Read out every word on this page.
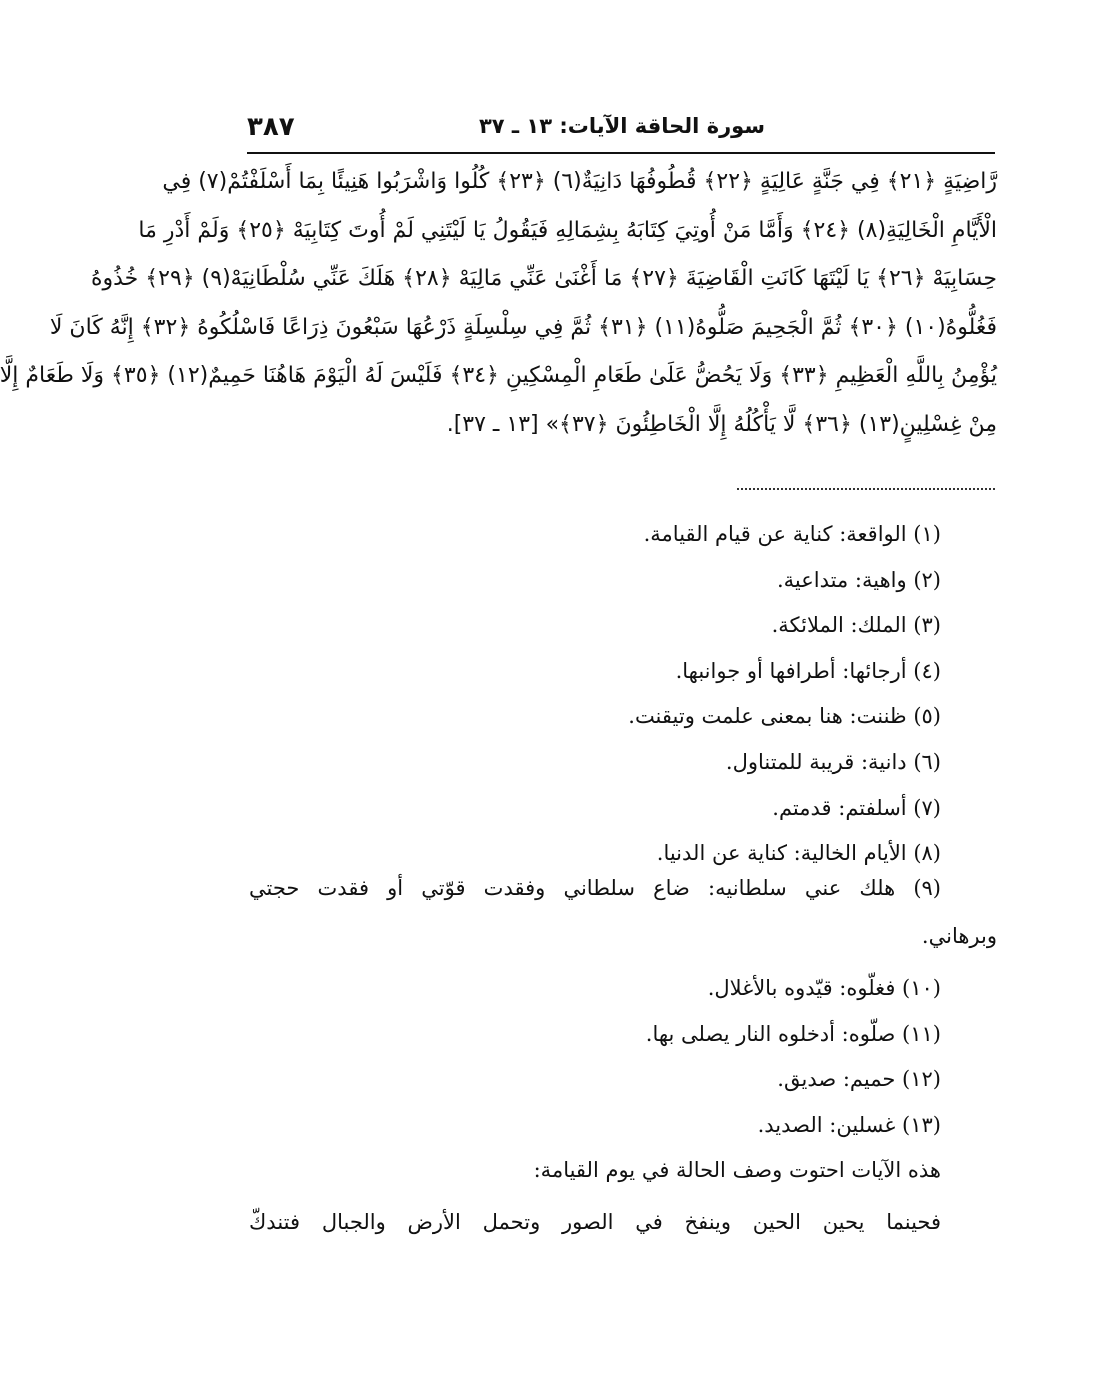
٣٨٧	سورة الحاقة الآيات: ١٣ ـ ٣٧
رَّاضِيَةٍ ﴿٢١﴾ فِي جَنَّةٍ عَالِيَةٍ ﴿٢٢﴾ قُطُوفُهَا دَانِيَةٌ(٦) ﴿٢٣﴾ كُلُوا وَاشْرَبُوا هَنِيئًا بِمَا أَسْلَفْتُمْ(٧) فِي
الْأَيَّامِ الْخَالِيَةِ(٨) ﴿٢٤﴾ وَأَمَّا مَنْ أُوتِيَ كِتَابَهُ بِشِمَالِهِ فَيَقُولُ يَا لَيْتَنِي لَمْ أُوتَ كِتَابِيَهْ ﴿٢٥﴾ وَلَمْ أَدْرِ مَا
حِسَابِيَهْ ﴿٢٦﴾ يَا لَيْتَهَا كَانَتِ الْقَاضِيَةَ ﴿٢٧﴾ مَا أَغْنَىٰ عَنِّي مَالِيَهْ ﴿٢٨﴾ هَلَكَ عَنِّي سُلْطَانِيَهْ(٩) ﴿٢٩﴾ خُذُوهُ
فَغُلُّوهُ(١٠) ﴿٣٠﴾ ثُمَّ الْجَحِيمَ صَلُّوهُ(١١) ﴿٣١﴾ ثُمَّ فِي سِلْسِلَةٍ ذَرْعُهَا سَبْعُونَ ذِرَاعًا فَاسْلُكُوهُ ﴿٣٢﴾ إِنَّهُ كَانَ لَا
يُؤْمِنُ بِاللَّهِ الْعَظِيمِ ﴿٣٣﴾ وَلَا يَحُضُّ عَلَىٰ طَعَامِ الْمِسْكِينِ ﴿٣٤﴾ فَلَيْسَ لَهُ الْيَوْمَ هَاهُنَا حَمِيمٌ(١٢) ﴿٣٥﴾ وَلَا طَعَامٌ إِلَّا
مِنْ غِسْلِينٍ(١٣) ﴿٣٦﴾ لَّا يَأْكُلُهُ إِلَّا الْخَاطِئُونَ ﴿٣٧﴾» [١٣ ـ ٣٧].
(١) الواقعة: كناية عن قيام القيامة.
(٢) واهية: متداعية.
(٣) الملك: الملائكة.
(٤) أرجائها: أطرافها أو جوانبها.
(٥) ظننت: هنا بمعنى علمت وتيقنت.
(٦) دانية: قريبة للمتناول.
(٧) أسلفتم: قدمتم.
(٨) الأيام الخالية: كناية عن الدنيا.
(٩) هلك عني سلطانيه: ضاع سلطاني وفقدت قوّتي أو فقدت حجتي
وبرهاني.
(١٠) فغلّوه: قيّدوه بالأغلال.
(١١) صلّوه: أدخلوه النار يصلى بها.
(١٢) حميم: صديق.
(١٣) غسلين: الصديد.
هذه الآيات احتوت وصف الحالة في يوم القيامة:
فحينما يحين الحين وينفخ في الصور وتحمل الأرض والجبال فتندكّ
